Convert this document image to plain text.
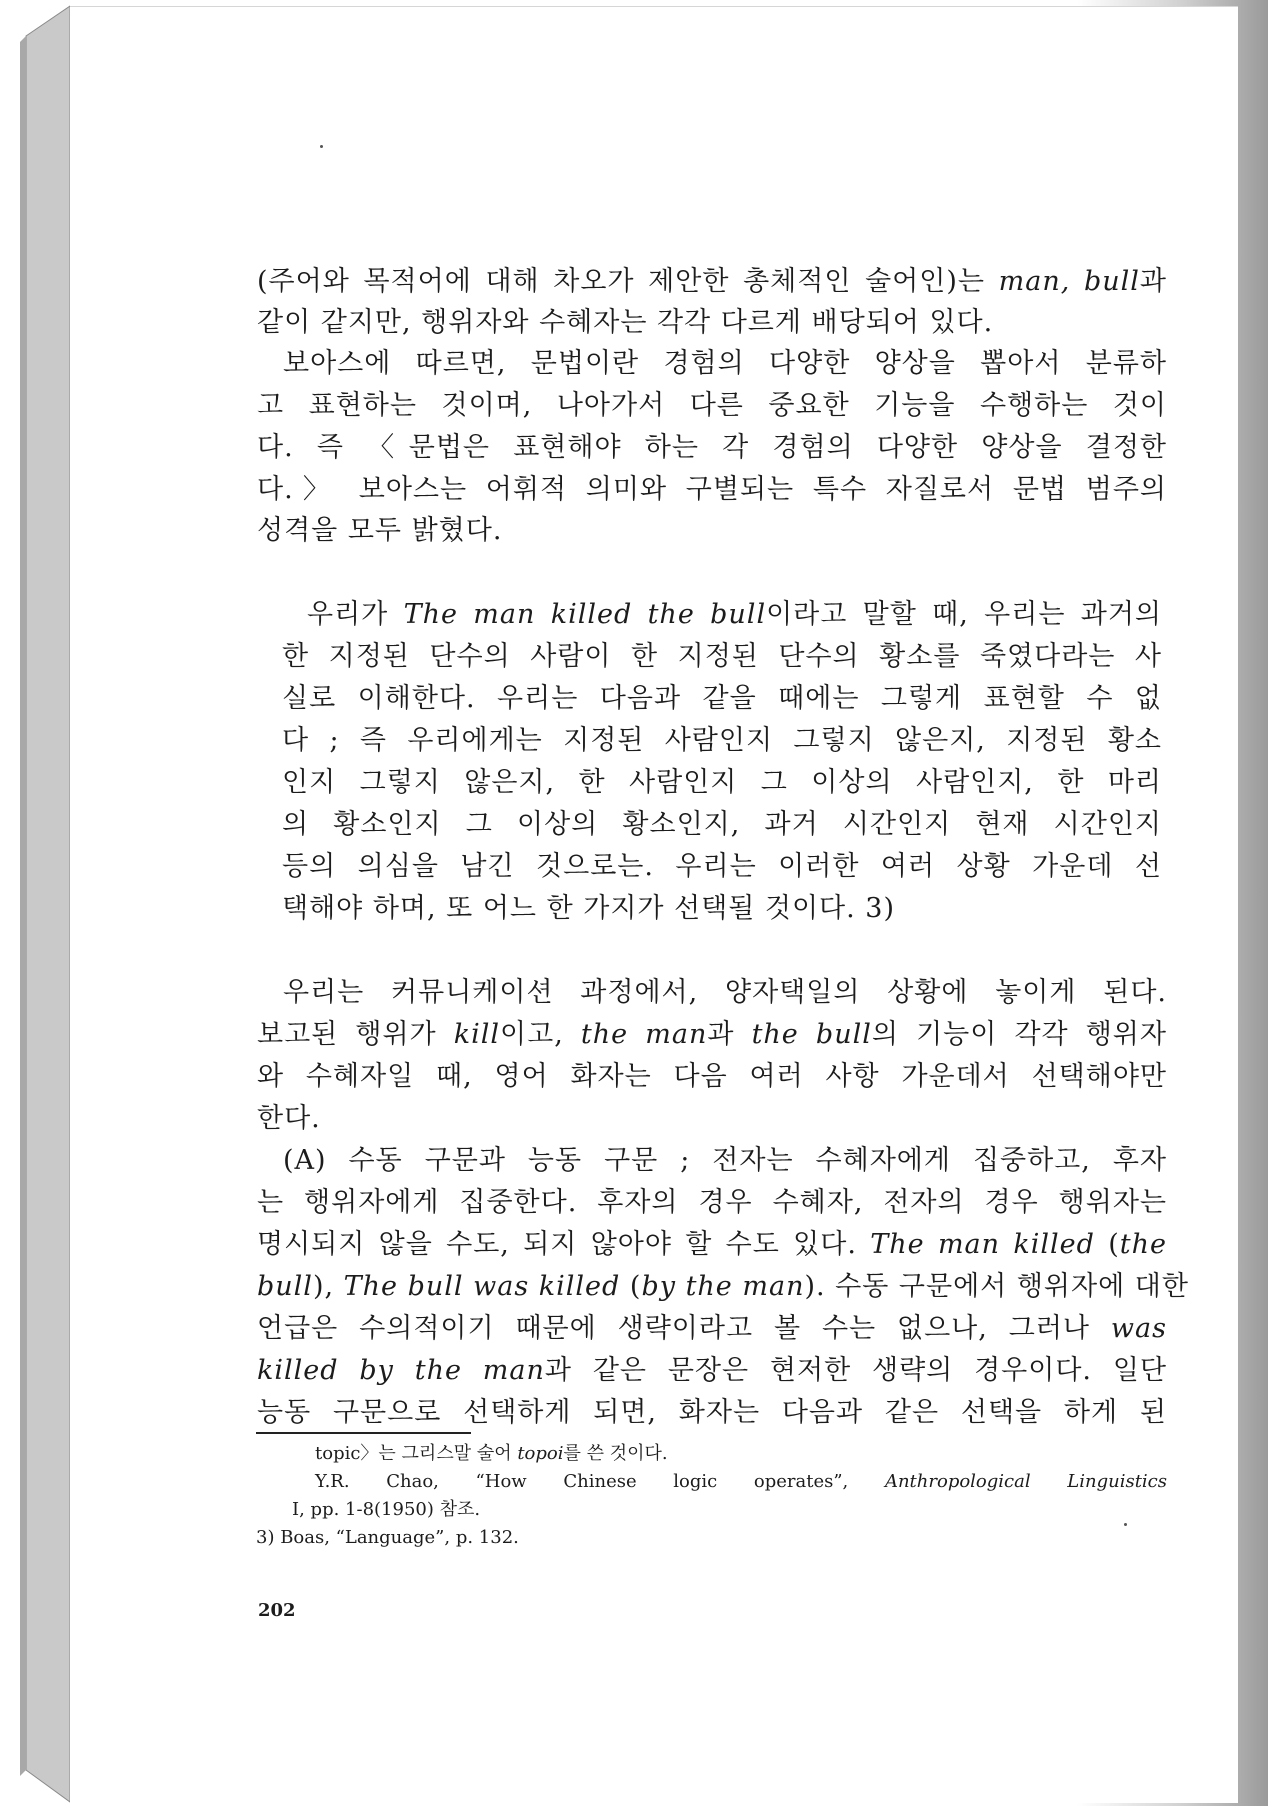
(주어와 목적어에 대해 차오가 제안한 총체적인 술어인)는 man, bull과
같이 같지만, 행위자와 수혜자는 각각 다르게 배당되어 있다.
보아스에 따르면, 문법이란 경험의 다양한 양상을 뽑아서 분류하
고 표현하는 것이며, 나아가서 다른 중요한 기능을 수행하는 것이
다. 즉 〈문법은 표현해야 하는 각 경험의 다양한 양상을 결정한
다.〉 보아스는 어휘적 의미와 구별되는 특수 자질로서 문법 범주의
성격을 모두 밝혔다.
우리가 The man killed the bull이라고 말할 때, 우리는 과거의
한 지정된 단수의 사람이 한 지정된 단수의 황소를 죽였다라는 사
실로 이해한다. 우리는 다음과 같을 때에는 그렇게 표현할 수 없
다 ; 즉 우리에게는 지정된 사람인지 그렇지 않은지, 지정된 황소
인지 그렇지 않은지, 한 사람인지 그 이상의 사람인지, 한 마리
의 황소인지 그 이상의 황소인지, 과거 시간인지 현재 시간인지
등의 의심을 남긴 것으로는. 우리는 이러한 여러 상황 가운데 선
택해야 하며, 또 어느 한 가지가 선택될 것이다. 3)
우리는 커뮤니케이션 과정에서, 양자택일의 상황에 놓이게 된다.
보고된 행위가 kill이고, the man과 the bull의 기능이 각각 행위자
와 수혜자일 때, 영어 화자는 다음 여러 사항 가운데서 선택해야만
한다.
(A) 수동 구문과 능동 구문 ; 전자는 수혜자에게 집중하고, 후자
는 행위자에게 집중한다. 후자의 경우 수혜자, 전자의 경우 행위자는
명시되지 않을 수도, 되지 않아야 할 수도 있다. The man killed (the
bull), The bull was killed (by the man). 수동 구문에서 행위자에 대한
언급은 수의적이기 때문에 생략이라고 볼 수는 없으나, 그러나 was
killed by the man과 같은 문장은 현저한 생략의 경우이다. 일단
능동 구문으로 선택하게 되면, 화자는 다음과 같은 선택을 하게 된
topic〉는 그리스말 술어 topoi를 쓴 것이다.
Y.R. Chao, “How Chinese logic operates”, Anthropological Linguistics
I, pp. 1-8(1950) 참조.
3) Boas, “Language”, p. 132.
202
